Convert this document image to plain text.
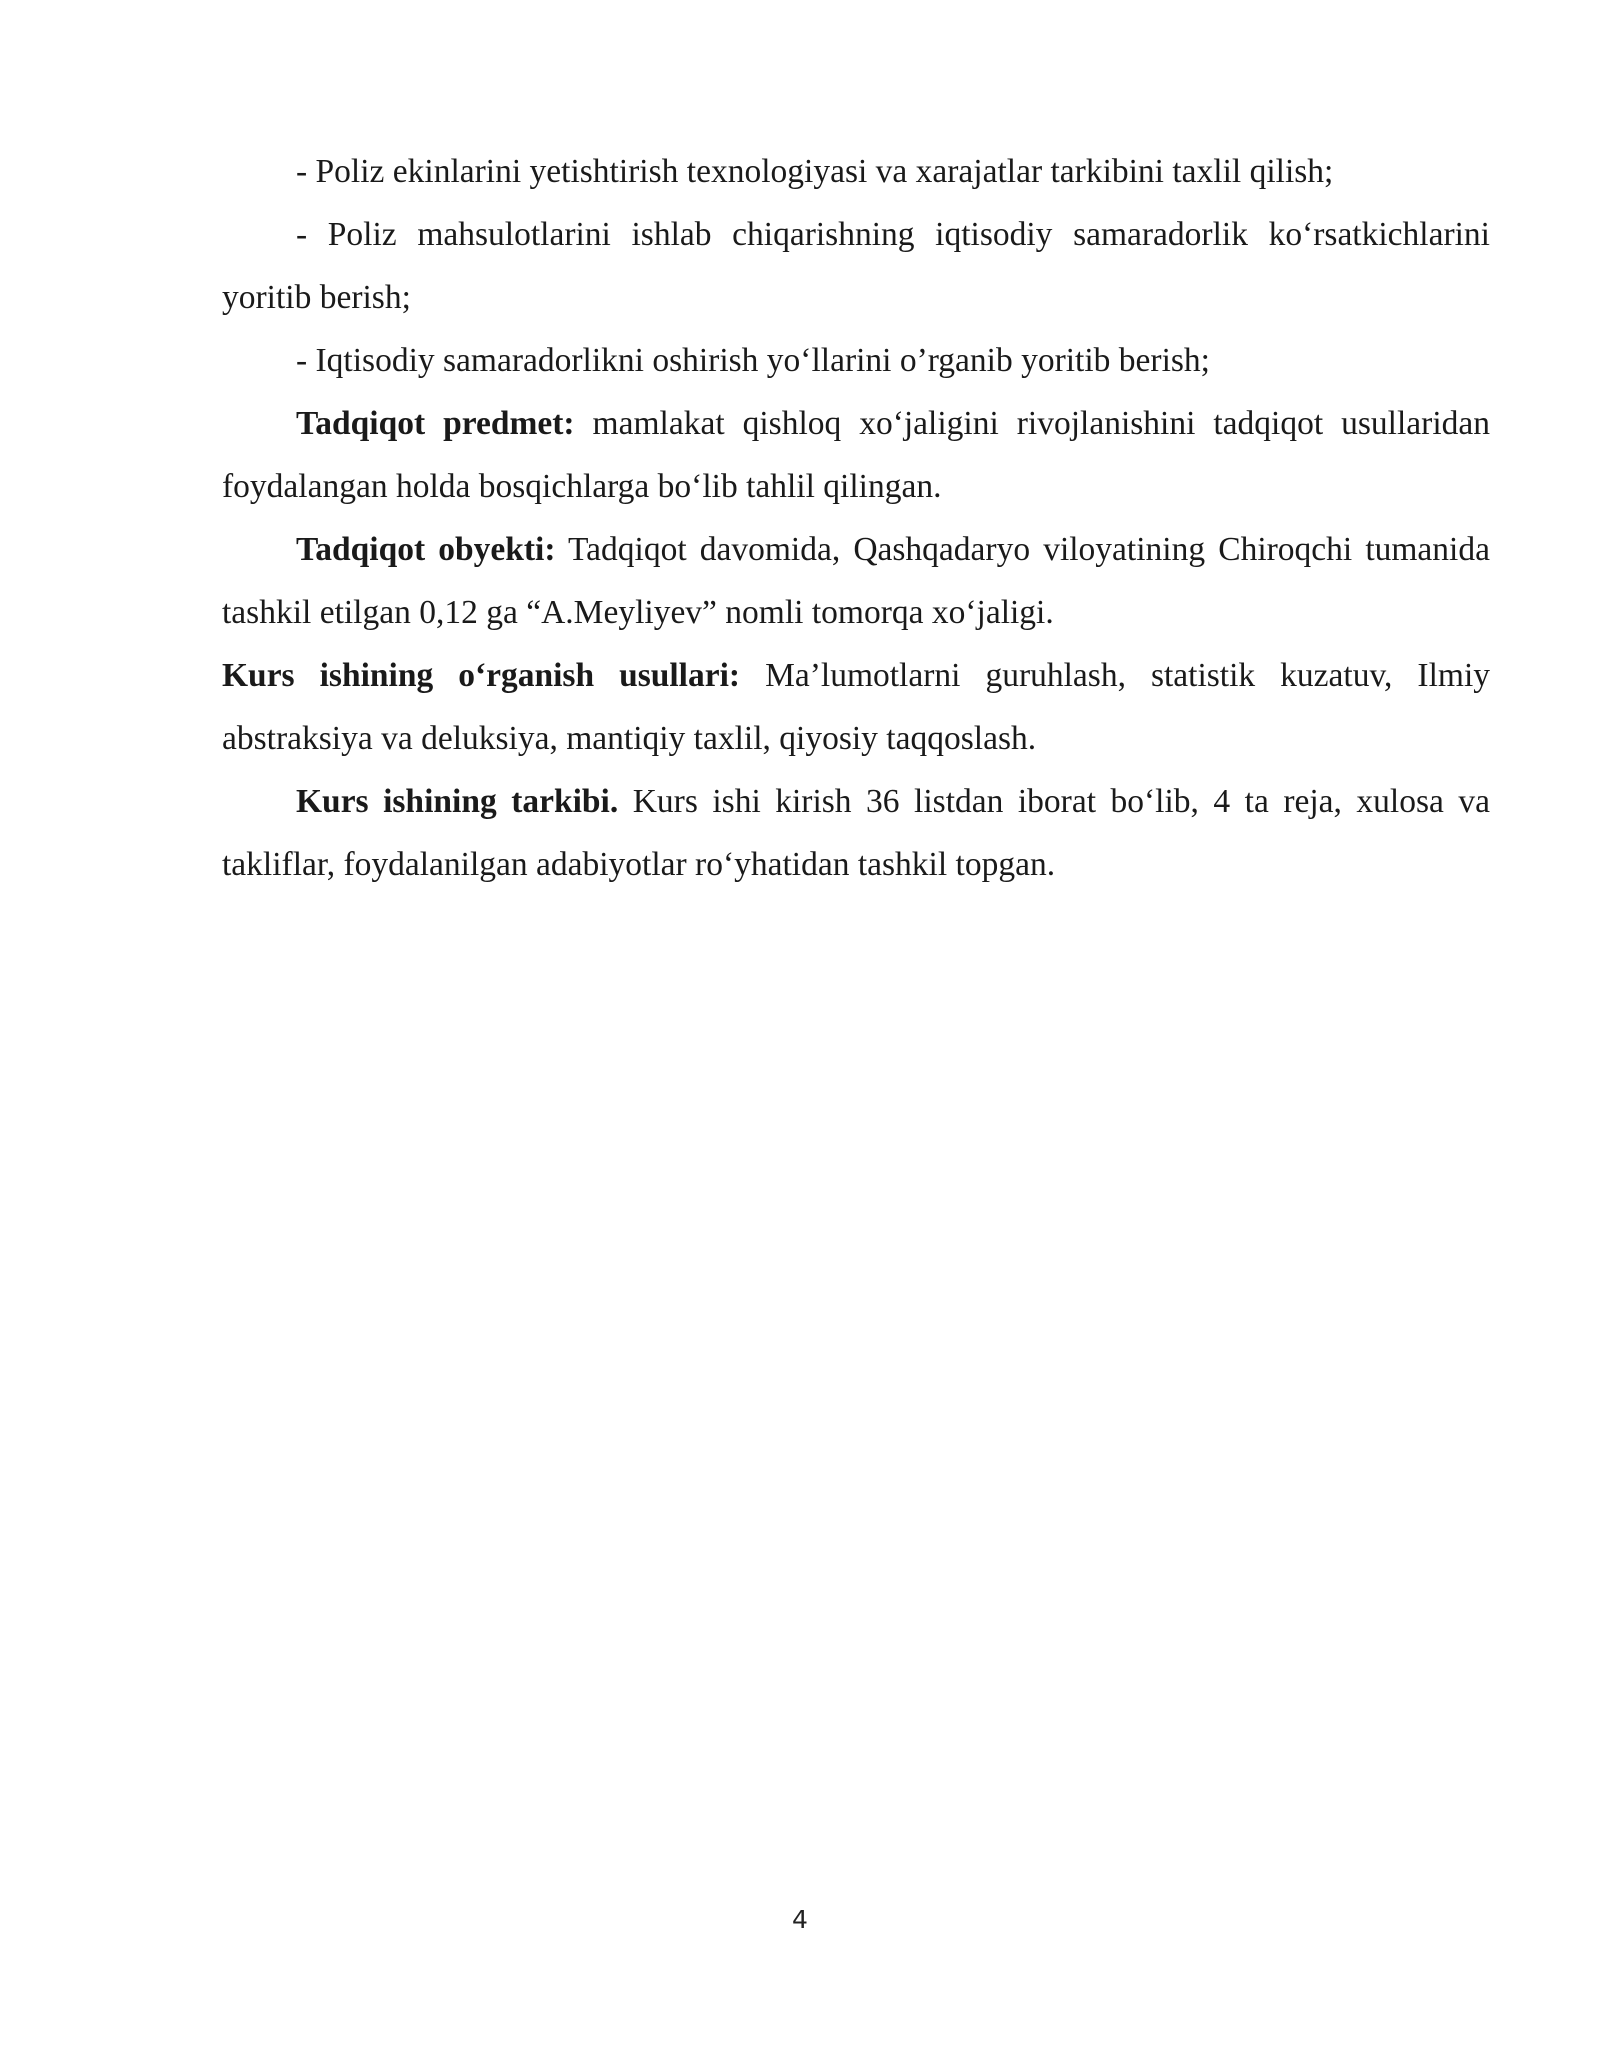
- Poliz ekinlarini yetishtirish texnologiyasi va xarajatlar tarkibini taxlil qilish;

- Poliz mahsulotlarini ishlab chiqarishning iqtisodiy samaradorlik ko‘rsatkichlarini yoritib berish;

- Iqtisodiy samaradorlikni oshirish yo‘llarini o’rganib yoritib berish;

Tadqiqot predmet: mamlakat qishloq xo‘jaligini rivojlanishini tadqiqot usullaridan foydalangan holda bosqichlarga bo‘lib tahlil qilingan.

Tadqiqot obyekti: Tadqiqot davomida, Qashqadaryo viloyatining Chiroqchi tumanida tashkil etilgan 0,12 ga “A.Meyliyev” nomli tomorqa xo‘jaligi.

Kurs ishining o‘rganish usullari: Ma’lumotlarni guruhlash, statistik kuzatuv, Ilmiy abstraksiya va deluksiya, mantiqiy taxlil, qiyosiy taqqoslash.

Kurs ishining tarkibi. Kurs ishi kirish 36 listdan iborat bo‘lib, 4 ta reja, xulosa va takliflar, foydalanilgan adabiyotlar ro‘yhatidan tashkil topgan.

4
